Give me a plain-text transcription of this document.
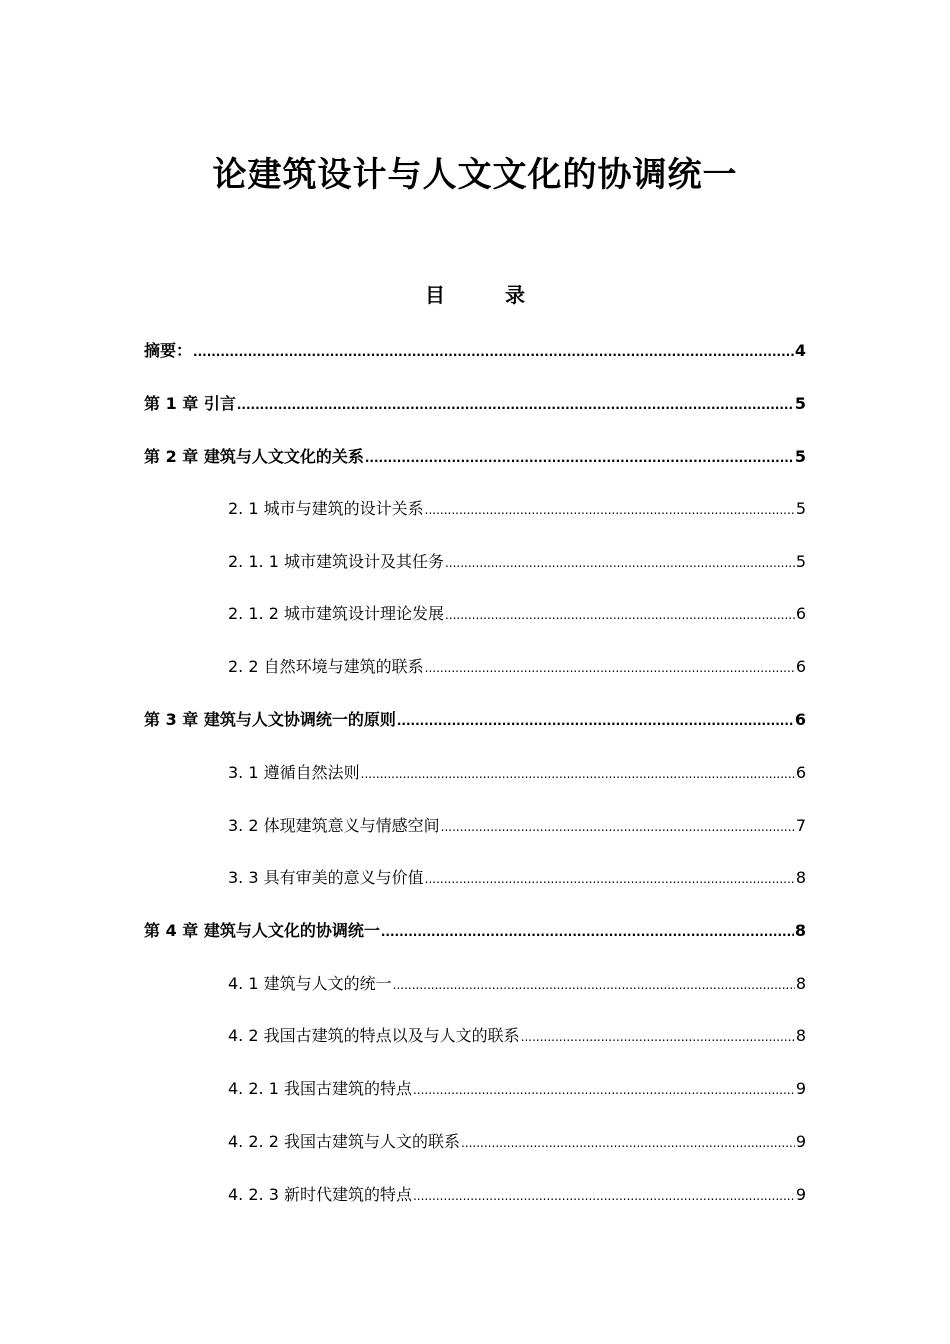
论建筑设计与人文文化的协调统一
目　录
摘要： .....	4
第 1 章 引言 .....	5
第 2 章 建筑与人文文化的关系 .....	5
2. 1 城市与建筑的设计关系 .....	5
2. 1. 1 城市建筑设计及其任务 .....	5
2. 1. 2 城市建筑设计理论发展 .....	6
2. 2 自然环境与建筑的联系 .....	6
第 3 章 建筑与人文协调统一的原则 .....	6
3. 1 遵循自然法则 .....	6
3. 2 体现建筑意义与情感空间 .....	7
3. 3 具有审美的意义与价值 .....	8
第 4 章 建筑与人文化的协调统一 .....	8
4. 1 建筑与人文的统一 .....	8
4. 2 我国古建筑的特点以及与人文的联系 .....	8
4. 2. 1 我国古建筑的特点 .....	9
4. 2. 2 我国古建筑与人文的联系 .....	9
4. 2. 3 新时代建筑的特点 .....	9
